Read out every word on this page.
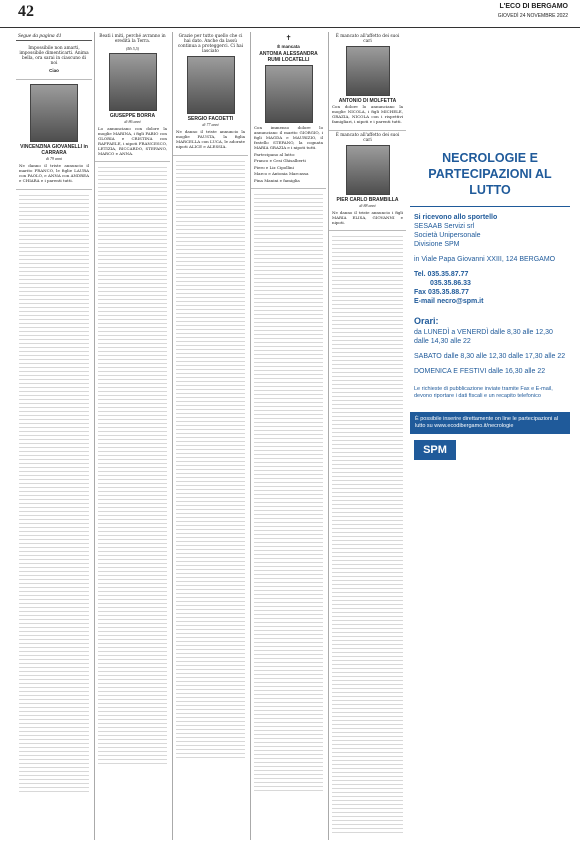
42	L'ECO DI BERGAMO
GIOVEDÌ 24 NOVEMBRE 2022
Segue da pagina 41

Impossibile non amarti, impossibile dimenticarti. Anima bella, ora sarai in ciascuno di noi

Ciao
VINCENZINA GIOVANELLI in CARRARA
di 79 anni

Ne danno il triste annuncio il marito FRANCO, le figlie LAURA con PAOLO, e ANNA con ANDREA e CHIARA e i parenti tutti.

Beati i miti, perché avranno in eredità la Terra.

(Mt 5,5)
GIUSEPPE BORRA
di 86 anni

Lo annunciano con dolore la moglie MARINA, i figli FABIO con GLORIA e CRISTINA con RAFFAELE, i nipoti FRANCESCO, LETIZIA, RICCARDO, STEFANO, MARCO e ANNA.

Grazie per tutto quello che ci hai dato. Anche da lassù continua a proteggerci. Ci hai lasciato

SERGIO FACOETTI
di 77 anni

Ne danno il triste annuncio la moglie FAUSTA, la figlia MARCELLA con LUCA, le adorate nipoti ALICE e ALESSIA.

✝
È mancata
ANTONIA ALESSANDRA RUMI LOCATELLI

Con immenso dolore lo annunciano il marito GIORGIO, i figli MAGDA e MAURIZIO, il fratello STEFANO, la cognata MARIA GRAZIA e i nipoti tutti.

Partecipano al lutto:

Franco e Cesi Ghisalberti

Piero e Liz Cipollini

Marco e Antonia Marcassa

Pina Manini e famiglia

È mancato all'affetto dei suoi cari

ANTONIO DI MOLFETTA

Con dolore lo annunciano la moglie NICOLA, i figli MICHELE, GRAZIA, NICOLA con i rispettivi famigliari, i nipoti e i parenti tutti.

È mancato all'affetto dei suoi cari

PIER CARLO BRAMBILLA
di 88 anni

Ne danno il triste annuncio i figli MARIA ELISA, GIOVANNI e nipoti.

NECROLOGIE E PARTECIPAZIONI AL LUTTO
Si ricevono allo sportello
SESAAB Servizi srl
Società Unipersonale
Divisione SPM
in Viale Papa Giovanni XXIII, 124 BERGAMO
Tel. 035.35.87.77
035.35.86.33
Fax 035.35.88.77
E-mail necro@spm.it
Orari:
da LUNEDÌ a VENERDÌ dalle 8,30 alle 12,30 dalle 14,30 alle 22
SABATO dalle 8,30 alle 12,30 dalle 17,30 alle 22
DOMENICA E FESTIVI dalle 16,30 alle 22
Le richieste di pubblicazione inviate tramite Fax e E-mail, devono riportare i dati fiscali e un recapito telefonico
È possibile inserire direttamente on line le partecipazioni al lutto su www.ecodibergamo.it/necrologie
SPM
